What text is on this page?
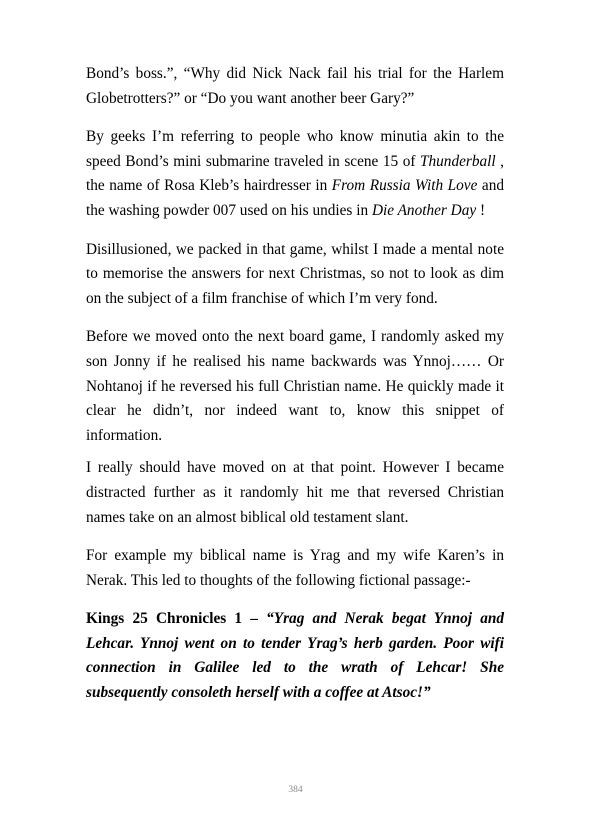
Bond’s boss.”, “Why did Nick Nack fail his trial for the Harlem Globetrotters?” or “Do you want another beer Gary?”

By geeks I’m referring to people who know minutia akin to the speed Bond’s mini submarine traveled in scene 15 of Thunderball , the name of Rosa Kleb’s hairdresser in From Russia With Love and the washing powder 007 used on his undies in Die Another Day !

Disillusioned, we packed in that game, whilst I made a mental note to memorise the answers for next Christmas, so not to look as dim on the subject of a film franchise of which I’m very fond.

Before we moved onto the next board game, I randomly asked my son Jonny if he realised his name backwards was Ynnoj…… Or Nohtanoj if he reversed his full Christian name. He quickly made it clear he didn’t, nor indeed want to, know this snippet of information.

I really should have moved on at that point. However I became distracted further as it randomly hit me that reversed Christian names take on an almost biblical old testament slant.

For example my biblical name is Yrag and my wife Karen’s in Nerak. This led to thoughts of the following fictional passage:-

Kings 25 Chronicles 1 – “Yrag and Nerak begat Ynnoj and Lehcar. Ynnoj went on to tender Yrag’s herb garden. Poor wifi connection in Galilee led to the wrath of Lehcar! She subsequently consoleth herself with a coffee at Atsoc!”

384
